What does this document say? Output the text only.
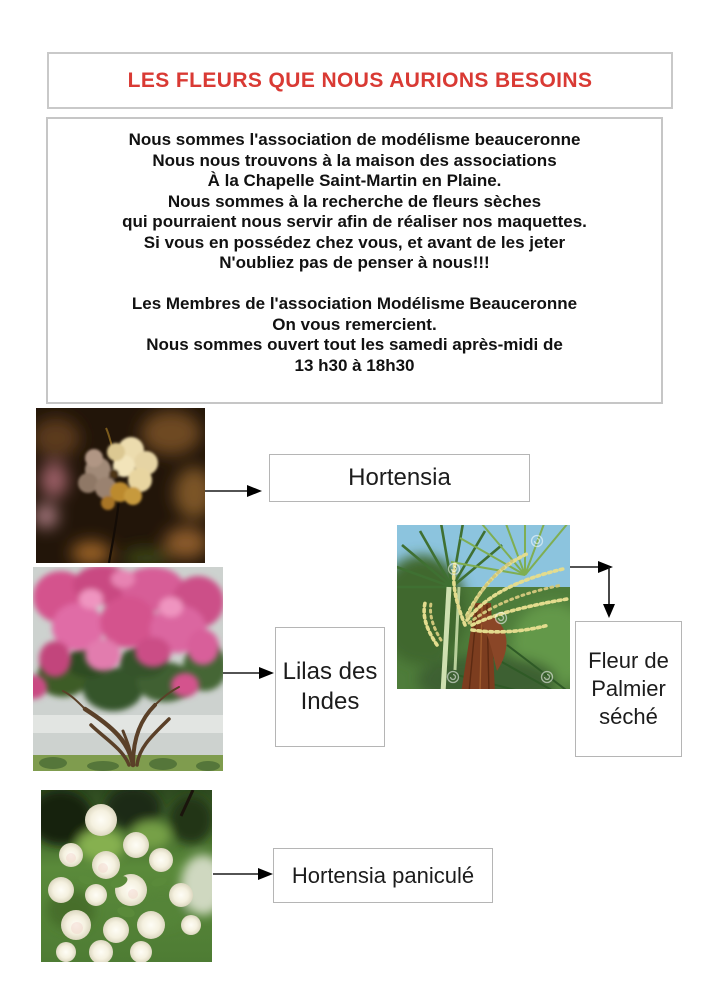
LES FLEURS QUE NOUS AURIONS BESOINS
Nous sommes l'association de modélisme beauceronne
Nous nous trouvons à la maison des associations
À la Chapelle Saint-Martin en Plaine.
Nous sommes à la recherche de fleurs sèches
qui pourraient nous servir afin de réaliser nos maquettes.
Si vous en possédez chez vous, et avant de les jeter
N'oubliez pas de penser à nous!!!
Les Membres de l'association Modélisme Beauceronne
On vous remercient.
Nous sommes ouvert tout les samedi après-midi de
13 h30 à 18h30
Hortensia
Lilas des Indes
Fleur de Palmier séché
Hortensia paniculé
